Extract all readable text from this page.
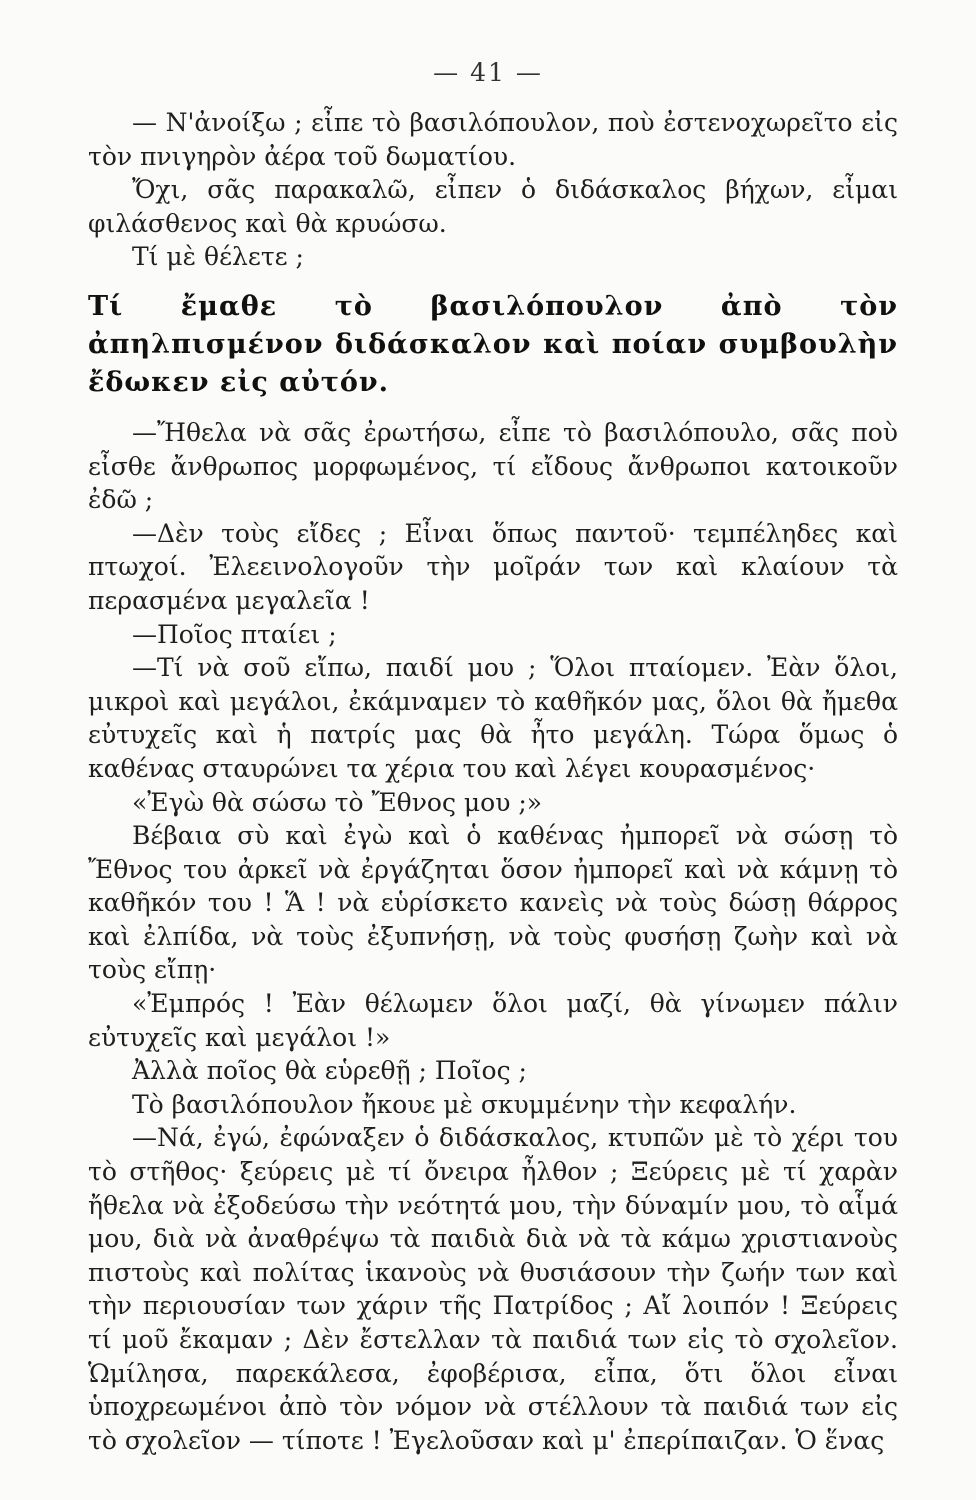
— 41 —

— Ν'ἀνοίξω ; εἶπε τὸ βασιλόπουλον, ποὺ ἐστενοχωρεῖτο εἰς τὸν πνιγηρὸν ἀέρα τοῦ δωματίου.

Ὄχι, σᾶς παρακαλῶ, εἶπεν ὁ διδάσκαλος βήχων, εἶμαι φιλάσθενος καὶ θὰ κρυώσω.

Τί μὲ θέλετε ;

Τί ἔμαθε τὸ βασιλόπουλον ἀπὸ τὸν ἀπηλπισμένον διδάσκαλον καὶ ποίαν συμβουλὴν ἔδωκεν εἰς αὐτόν.

—Ἤθελα νὰ σᾶς ἐρωτήσω, εἶπε τὸ βασιλόπουλο, σᾶς ποὺ εἶσθε ἄνθρωπος μορφωμένος, τί εἴδους ἄνθρωποι κατοικοῦν ἐδῶ ;

—Δὲν τοὺς εἴδες ; Εἶναι ὅπως παντοῦ· τεμπέληδες καὶ πτωχοί. Ἐλεεινολογοῦν τὴν μοῖράν των καὶ κλαίουν τὰ περασμένα μεγαλεῖα !

—Ποῖος πταίει ;

—Τί νὰ σοῦ εἴπω, παιδί μου ; Ὅλοι πταίομεν. Ἐὰν ὅλοι, μικροὶ καὶ μεγάλοι, ἐκάμναμεν τὸ καθῆκόν μας, ὅλοι θὰ ἤμεθα εὐτυχεῖς καὶ ἡ πατρίς μας θὰ ἦτο μεγάλη. Τώρα ὅμως ὁ καθένας σταυρώνει τα χέρια του καὶ λέγει κουρασμένος·

«Ἐγὼ θὰ σώσω τὸ Ἔθνος μου ;»

Βέβαια σὺ καὶ ἐγὼ καὶ ὁ καθένας ἠμπορεῖ νὰ σώσῃ τὸ Ἔθνος του ἀρκεῖ νὰ ἐργάζηται ὅσον ἠμπορεῖ καὶ νὰ κάμνῃ τὸ καθῆκόν του ! Ἅ ! νὰ εὑρίσκετο κανεὶς νὰ τοὺς δώσῃ θάρρος καὶ ἐλπίδα, νὰ τοὺς ἐξυπνήσῃ, νὰ τοὺς φυσήσῃ ζωὴν καὶ νὰ τοὺς εἴπῃ·

«Ἐμπρός ! Ἐὰν θέλωμεν ὅλοι μαζί, θὰ γίνωμεν πάλιν εὐτυχεῖς καὶ μεγάλοι !»

Ἀλλὰ ποῖος θὰ εὑρεθῇ ; Ποῖος ;

Τὸ βασιλόπουλον ἤκουε μὲ σκυμμένην τὴν κεφαλήν.

—Νά, ἐγώ, ἐφώναξεν ὁ διδάσκαλος, κτυπῶν μὲ τὸ χέρι του τὸ στῆθος· ξεύρεις μὲ τί ὄνειρα ἦλθον ; Ξεύρεις μὲ τί χαρὰν ἤθελα νὰ ἐξοδεύσω τὴν νεότητά μου, τὴν δύναμίν μου, τὸ αἷμά μου, διὰ νὰ ἀναθρέψω τὰ παιδιὰ διὰ νὰ τὰ κάμω χριστιανοὺς πιστοὺς καὶ πολίτας ἱκανοὺς νὰ θυσιάσουν τὴν ζωήν των καὶ τὴν περιουσίαν των χάριν τῆς Πατρίδος ; Αἴ λοιπόν ! Ξεύρεις τί μοῦ ἔκαμαν ; Δὲν ἔστελλαν τὰ παιδιά των εἰς τὸ σχολεῖον. Ὡμίλησα, παρεκάλεσα, ἐφοβέρισα, εἶπα, ὅτι ὅλοι εἶναι ὑποχρεωμένοι ἀπὸ τὸν νόμον νὰ στέλλουν τὰ παιδιά των εἰς τὸ σχολεῖον — τίποτε ! Ἐγελοῦσαν καὶ μ' ἐπερίπαιζαν. Ὁ ἕνας
